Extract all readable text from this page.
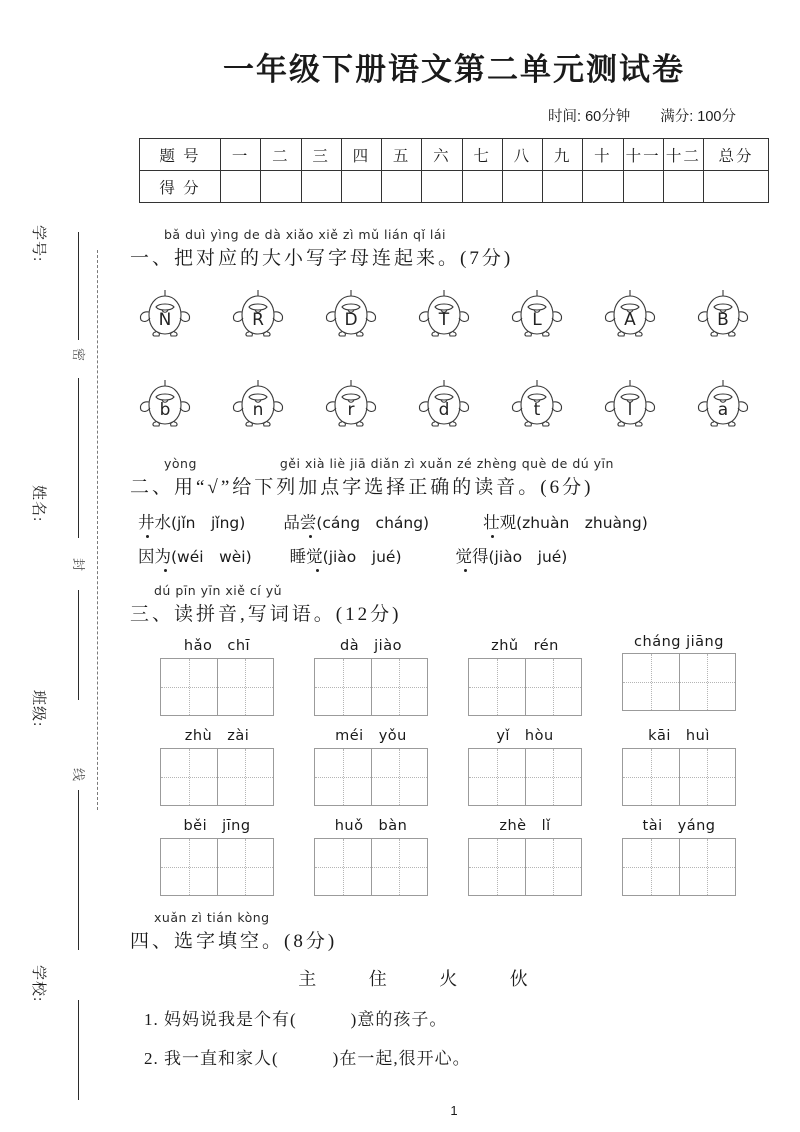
学号:
姓名:
班级:
学校:
密
封
线
一年级下册语文第二单元测试卷
时间: 60分钟 满分: 100分
题 号	一	二	三	四	五	六	七	八	九	十	十一	十二	总分
得 分													
bǎ duì yìng de dà xiǎo xiě zì mǔ lián qǐ lái
一、把对应的大小写字母连起来。(7分)
N	R	D	T	L	A	B
b	n	r	d	t	l	a
yòng	gěi xià liè jiā diǎn zì xuǎn zé zhèng què de dú yīn
二、用“√”给下列加点字选择正确的读音。(6分)
井水(jǐn　jǐng) 品尝(cáng　cháng)	壮观(zhuàn　zhuàng)
因为(wéi　wèi) 睡觉(jiào　jué)	觉得(jiào　jué)
dú pīn yīn xiě cí yǔ
三、读拼音,写词语。(12分)
hǎo　chī	dà　jiào	zhǔ　rén	cháng jiāng
zhù　zài	méi　yǒu	yǐ　hòu	kāi　huì
běi　jīng	huǒ　bàn	zhè　lǐ	tài　yáng
xuǎn zì tián kòng
四、选字填空。(8分)
主	住	火	伙
1. 妈妈说我是个有(　　　)意的孩子。
2. 我一直和家人(　　　)在一起,很开心。
1
